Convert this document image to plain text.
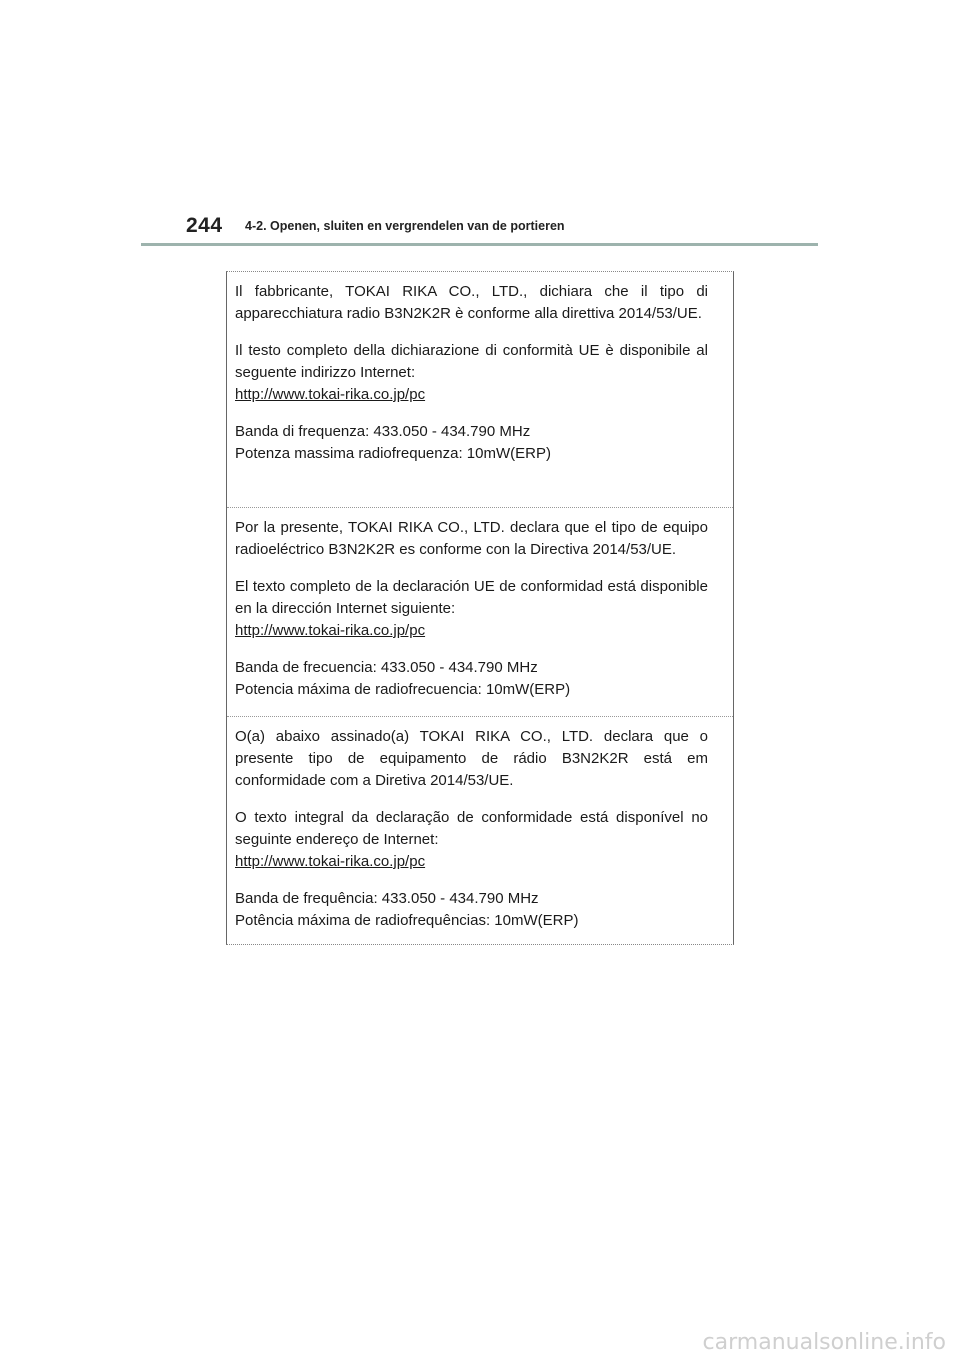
244 4-2. Openen, sluiten en vergrendelen van de portieren

Il fabbricante, TOKAI RIKA CO., LTD., dichiara che il tipo di apparecchiatura radio B3N2K2R è conforme alla direttiva 2014/53/UE.

Il testo completo della dichiarazione di conformità UE è disponibile al seguente indirizzo Internet:

http://www.tokai-rika.co.jp/pc

Banda di frequenza: 433.050 - 434.790 MHz

Potenza massima radiofrequenza: 10mW(ERP)

Por la presente, TOKAI RIKA CO., LTD. declara que el tipo de equipo radioeléctrico B3N2K2R es conforme con la Directiva 2014/53/UE.

El texto completo de la declaración UE de conformidad está disponible en la dirección Internet siguiente:

http://www.tokai-rika.co.jp/pc

Banda de frecuencia: 433.050 - 434.790 MHz

Potencia máxima de radiofrecuencia: 10mW(ERP)

O(a) abaixo assinado(a) TOKAI RIKA CO., LTD. declara que o presente tipo de equipamento de rádio B3N2K2R está em conformidade com a Diretiva 2014/53/UE.

O texto integral da declaração de conformidade está disponível no seguinte endereço de Internet:

http://www.tokai-rika.co.jp/pc

Banda de frequência: 433.050 - 434.790 MHz

Potência máxima de radiofrequências: 10mW(ERP)

carmanualsonline.info
